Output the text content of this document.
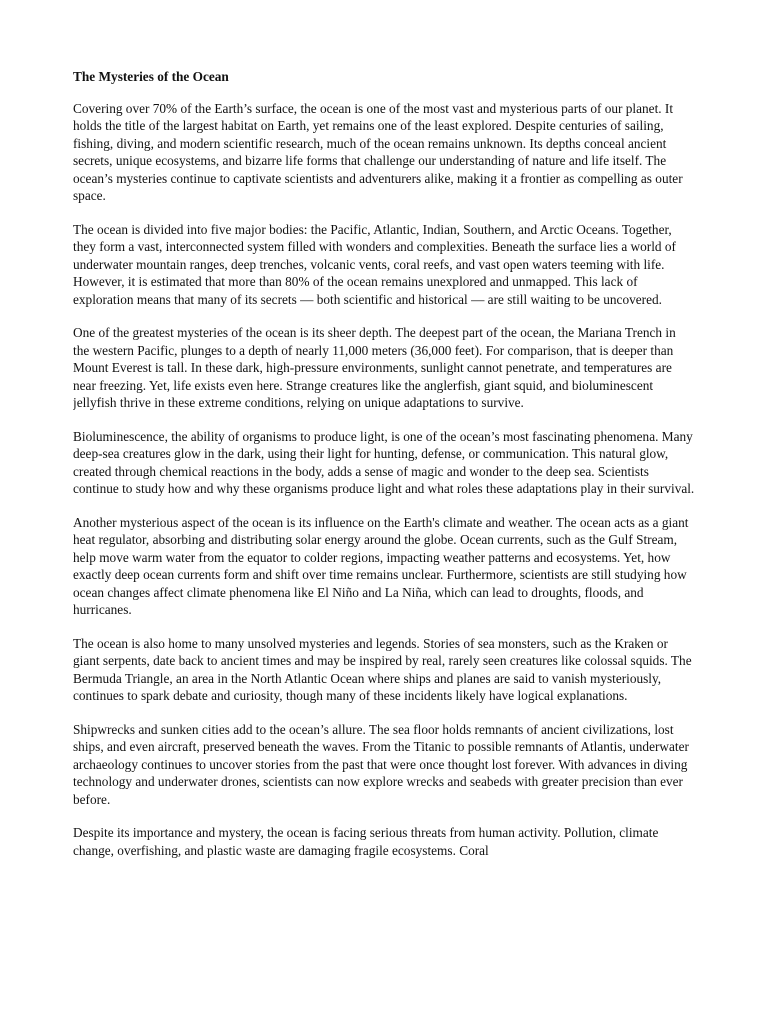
The Mysteries of the Ocean

Covering over 70% of the Earth’s surface, the ocean is one of the most vast and mysterious parts of our planet. It holds the title of the largest habitat on Earth, yet remains one of the least explored. Despite centuries of sailing, fishing, diving, and modern scientific research, much of the ocean remains unknown. Its depths conceal ancient secrets, unique ecosystems, and bizarre life forms that challenge our understanding of nature and life itself. The ocean’s mysteries continue to captivate scientists and adventurers alike, making it a frontier as compelling as outer space.

The ocean is divided into five major bodies: the Pacific, Atlantic, Indian, Southern, and Arctic Oceans. Together, they form a vast, interconnected system filled with wonders and complexities. Beneath the surface lies a world of underwater mountain ranges, deep trenches, volcanic vents, coral reefs, and vast open waters teeming with life. However, it is estimated that more than 80% of the ocean remains unexplored and unmapped. This lack of exploration means that many of its secrets — both scientific and historical — are still waiting to be uncovered.

One of the greatest mysteries of the ocean is its sheer depth. The deepest part of the ocean, the Mariana Trench in the western Pacific, plunges to a depth of nearly 11,000 meters (36,000 feet). For comparison, that is deeper than Mount Everest is tall. In these dark, high-pressure environments, sunlight cannot penetrate, and temperatures are near freezing. Yet, life exists even here. Strange creatures like the anglerfish, giant squid, and bioluminescent jellyfish thrive in these extreme conditions, relying on unique adaptations to survive.

Bioluminescence, the ability of organisms to produce light, is one of the ocean’s most fascinating phenomena. Many deep-sea creatures glow in the dark, using their light for hunting, defense, or communication. This natural glow, created through chemical reactions in the body, adds a sense of magic and wonder to the deep sea. Scientists continue to study how and why these organisms produce light and what roles these adaptations play in their survival.

Another mysterious aspect of the ocean is its influence on the Earth's climate and weather. The ocean acts as a giant heat regulator, absorbing and distributing solar energy around the globe. Ocean currents, such as the Gulf Stream, help move warm water from the equator to colder regions, impacting weather patterns and ecosystems. Yet, how exactly deep ocean currents form and shift over time remains unclear. Furthermore, scientists are still studying how ocean changes affect climate phenomena like El Niño and La Niña, which can lead to droughts, floods, and hurricanes.

The ocean is also home to many unsolved mysteries and legends. Stories of sea monsters, such as the Kraken or giant serpents, date back to ancient times and may be inspired by real, rarely seen creatures like colossal squids. The Bermuda Triangle, an area in the North Atlantic Ocean where ships and planes are said to vanish mysteriously, continues to spark debate and curiosity, though many of these incidents likely have logical explanations.

Shipwrecks and sunken cities add to the ocean’s allure. The sea floor holds remnants of ancient civilizations, lost ships, and even aircraft, preserved beneath the waves. From the Titanic to possible remnants of Atlantis, underwater archaeology continues to uncover stories from the past that were once thought lost forever. With advances in diving technology and underwater drones, scientists can now explore wrecks and seabeds with greater precision than ever before.

Despite its importance and mystery, the ocean is facing serious threats from human activity. Pollution, climate change, overfishing, and plastic waste are damaging fragile ecosystems. Coral
